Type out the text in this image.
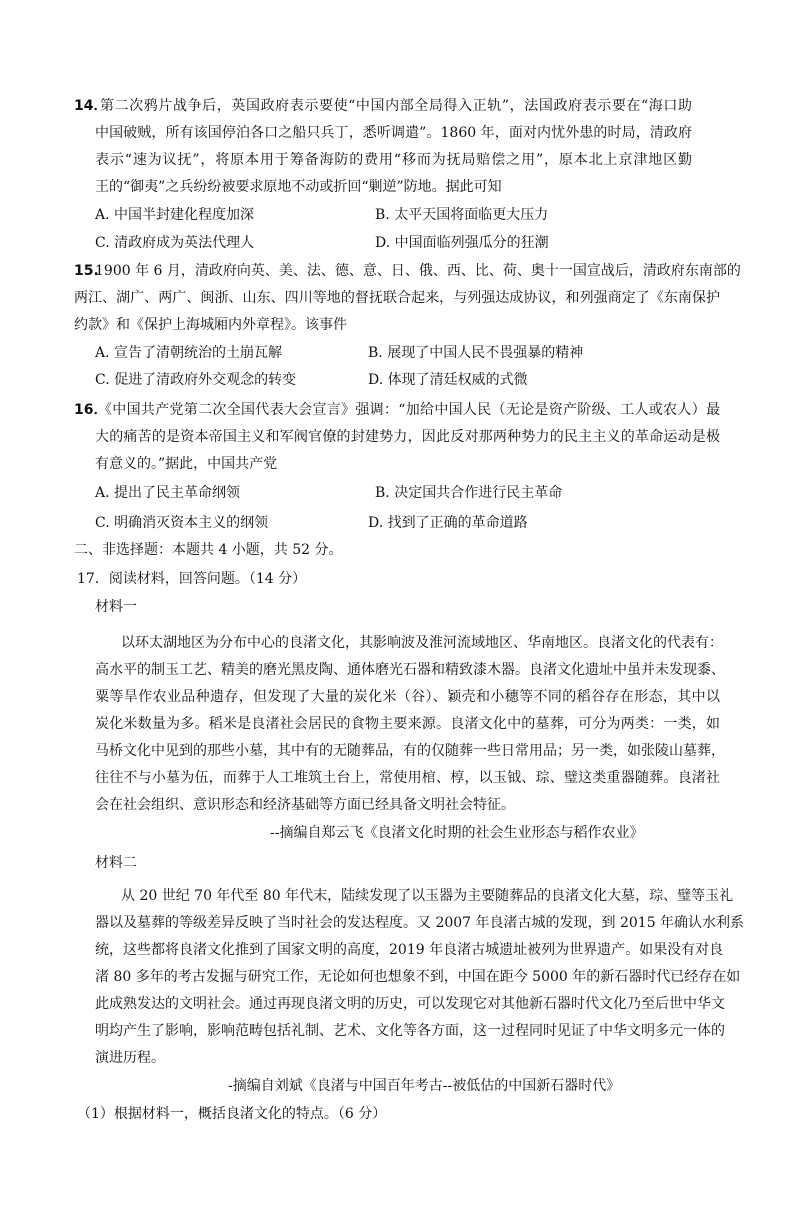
14．
第二次鸦片战争后，英国政府表示要使“中国内部全局得入正轨”，法国政府表示要在“海口助
中国破贼，所有该国停泊各口之船只兵丁，悉听调遣”。1860 年，面对内忧外患的时局，清政府
表示“速为议抚”，将原本用于筹备海防的费用“移而为抚局赔偿之用”，原本北上京津地区勤
王的“御夷”之兵纷纷被要求原地不动或折回“剿逆”防地。据此可知
A. 中国半封建化程度加深	B. 太平天国将面临更大压力
C. 清政府成为英法代理人	D. 中国面临列强瓜分的狂潮
15.
1900 年 6 月，清政府向英、美、法、德、意、日、俄、西、比、荷、奥十一国宣战后，清政府东南部的
两江、湖广、两广、闽浙、山东、四川等地的督抚联合起来，与列强达成协议，和列强商定了《东南保护
约款》和《保护上海城厢内外章程》。该事件
A. 宣告了清朝统治的土崩瓦解	B. 展现了中国人民不畏强暴的精神
C. 促进了清政府外交观念的转变	D. 体现了清廷权威的式微
16．
《中国共产党第二次全国代表大会宣言》强调：“加给中国人民（无论是资产阶级、工人或农人）最
大的痛苦的是资本帝国主义和军阀官僚的封建势力，因此反对那两种势力的民主主义的革命运动是极
有意义的。”据此，中国共产党
A. 提出了民主革命纲领	B. 决定国共合作进行民主革命
C. 明确消灭资本主义的纲领	D. 找到了正确的革命道路
二、非选择题：本题共 4 小题，共 52 分。
17．阅读材料，回答问题。（14 分）
材料一
以环太湖地区为分布中心的良渚文化，其影响波及淮河流域地区、华南地区。良渚文化的代表有：
高水平的制玉工艺、精美的磨光黑皮陶、通体磨光石器和精致漆木器。良渚文化遗址中虽并未发现黍、
粟等旱作农业品种遗存，但发现了大量的炭化米（谷）、颖壳和小穗等不同的稻谷存在形态，其中以
炭化米数量为多。稻米是良渚社会居民的食物主要来源。良渚文化中的墓葬，可分为两类：一类，如
马桥文化中见到的那些小墓，其中有的无随葬品，有的仅随葬一些日常用品；另一类，如张陵山墓葬，
往往不与小墓为伍，而葬于人工堆筑土台上，常使用棺、椁，以玉钺、琮、璧这类重器随葬。良渚社
会在社会组织、意识形态和经济基础等方面已经具备文明社会特征。
--摘编自郑云飞《良渚文化时期的社会生业形态与稻作农业》
材料二
从 20 世纪 70 年代至 80 年代末，陆续发现了以玉器为主要随葬品的良渚文化大墓，琮、璧等玉礼
器以及墓葬的等级差异反映了当时社会的发达程度。又 2007 年良渚古城的发现，到 2015 年确认水利系
统，这些都将良渚文化推到了国家文明的高度，2019 年良渚古城遗址被列为世界遗产。如果没有对良
渚 80 多年的考古发掘与研究工作，无论如何也想象不到，中国在距今 5000 年的新石器时代已经存在如
此成熟发达的文明社会。通过再现良渚文明的历史，可以发现它对其他新石器时代文化乃至后世中华文
明均产生了影响，影响范畴包括礼制、艺术、文化等各方面，这一过程同时见证了中华文明多元一体的
演进历程。
-摘编自刘斌《良渚与中国百年考古--被低估的中国新石器时代》
（1）根据材料一，概括良渚文化的特点。（6 分）
